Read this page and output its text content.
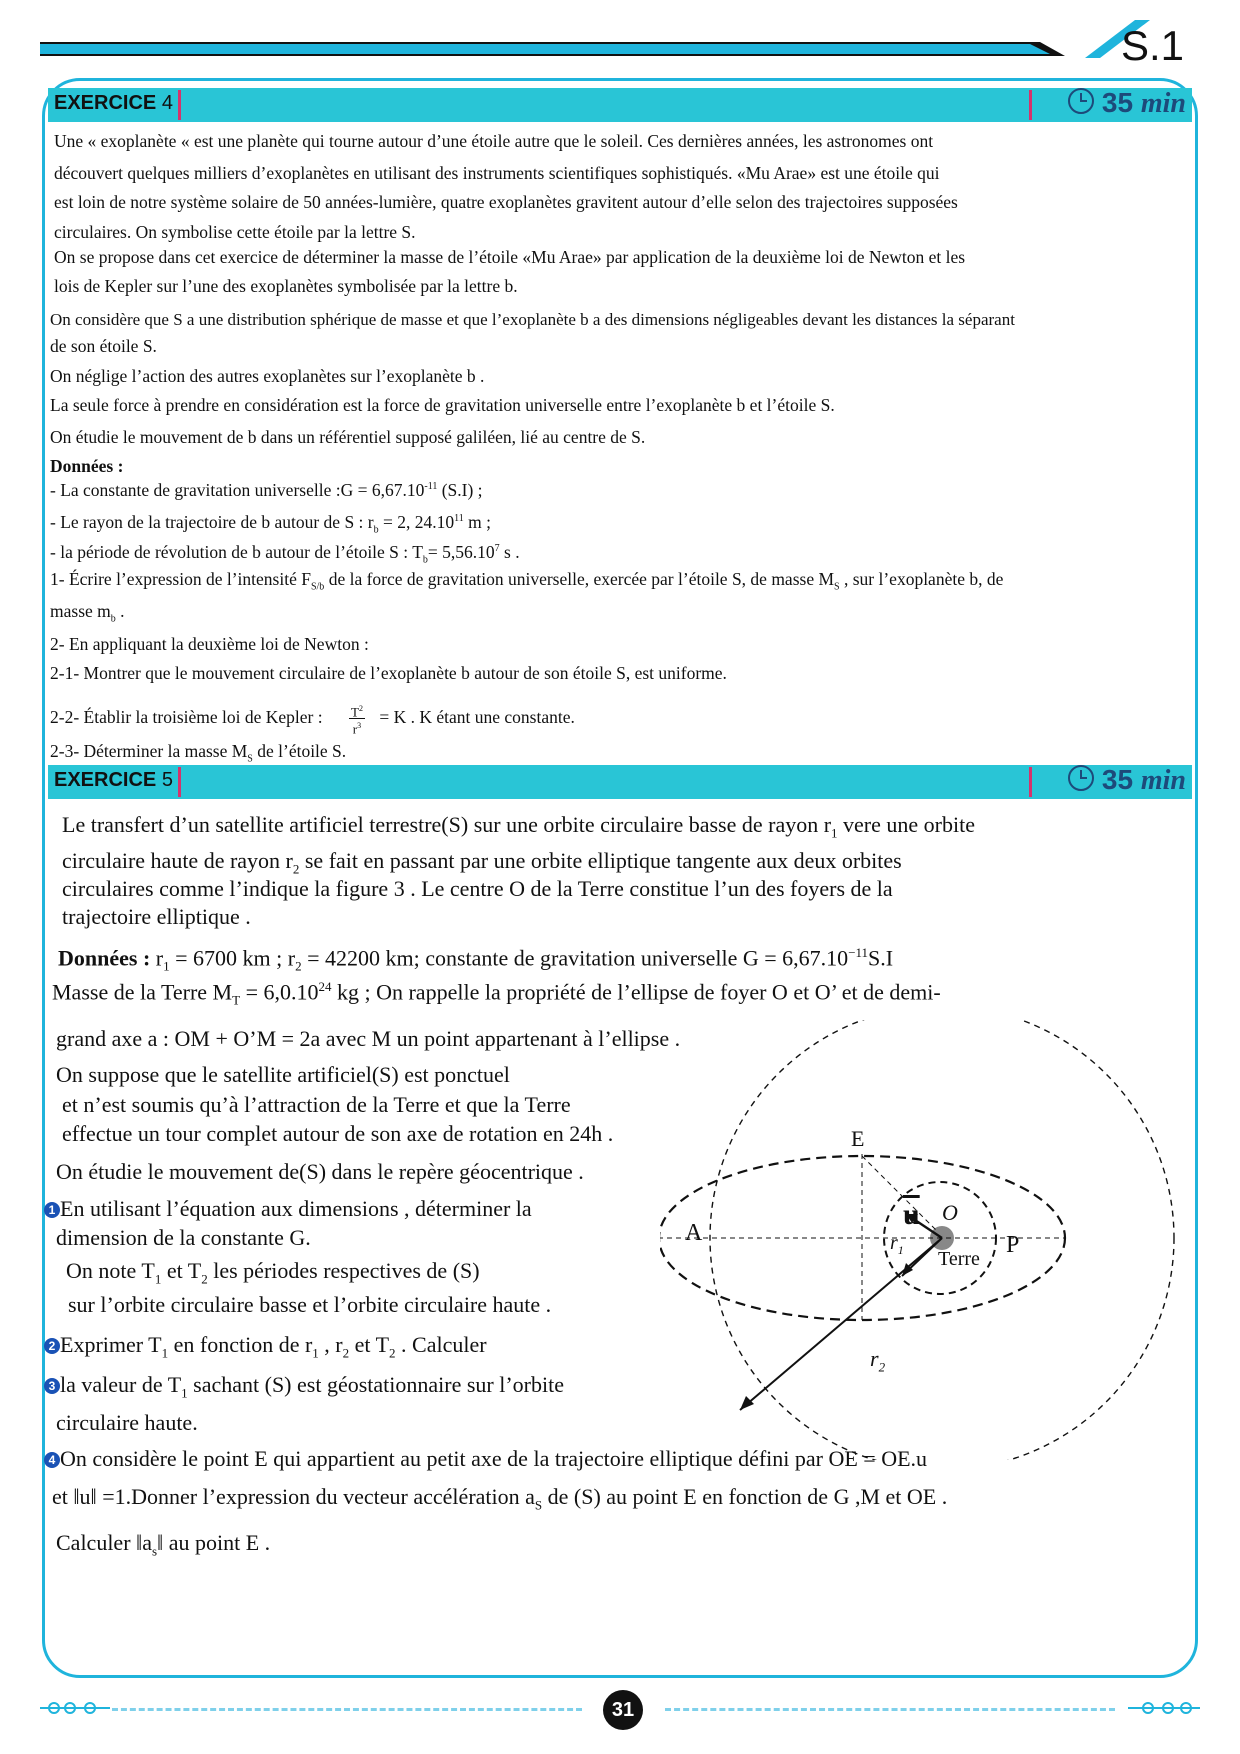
S.1
EXERCICE 4	35 min
Une « exoplanète « est une planète qui tourne autour d’une étoile autre que le soleil. Ces dernières années, les astronomes ont
découvert quelques milliers d’exoplanètes en utilisant des instruments scientifiques sophistiqués. «Mu Arae» est une étoile qui
est loin de notre système solaire de 50 années-lumière, quatre exoplanètes gravitent autour d’elle selon des trajectoires supposées
circulaires. On symbolise cette étoile par la lettre S.
On se propose dans cet exercice de déterminer la masse de l’étoile «Mu Arae» par application de la deuxième loi de Newton et les
lois de Kepler sur l’une des exoplanètes symbolisée par la lettre b.
On considère que S a une distribution sphérique de masse et que l’exoplanète b a des dimensions négligeables devant les distances la séparant
de son étoile S.
On néglige l’action des autres exoplanètes sur l’exoplanète b .
La seule force à prendre en considération est la force de gravitation universelle entre l’exoplanète b et l’étoile S.
On étudie le mouvement de b dans un référentiel supposé galiléen, lié au centre de S.
Données :
- La constante de gravitation universelle :G = $6,67.10^{-11}$ (S.I) ;
- Le rayon de la trajectoire de b autour de S : $r_b = 2$, 24.10$^{11}$ m ;
- la période de révolution de b autour de l’étoile S : $T_b= 5,56.10^7$ s .
1- Écrire l’expression de l’intensité $F_{S/b}$ de la force de gravitation universelle, exercée par l’étoile S, de masse $M_S$ , sur l’exoplanète b, de
masse $m_b$ .
2- En appliquant la deuxième loi de Newton :
2-1- Montrer que le mouvement circulaire de l’exoplanète b autour de son étoile S, est uniforme.
2-2- Établir la troisième loi de Kepler : $\frac{T^2}{r^3} = K$ . K étant une constante.
2-3- Déterminer la masse $M_S$ de l’étoile S.
EXERCICE 5	35 min
Le transfert d’un satellite artificiel terrestre(S) sur une orbite circulaire basse de rayon $r_1$ vere une orbite
circulaire haute de rayon $r_2$ se fait en passant par une orbite elliptique tangente aux deux orbites
circulaires comme l’indique la figure 3 . Le centre O de la Terre constitue l’un des foyers de la
trajectoire elliptique .
Données : $r_1 = 6700$ km ; $r_2 = 42200$ km; constante de gravitation universelle $G = 6,67.10^{-11}S.I$
Masse de la Terre $M_T = 6,0.10^{24}$ kg ; On rappelle la propriété de l’ellipse de foyer O et O’ et de demi-
grand axe a : OM + O’M = 2a avec M un point appartenant à l’ellipse .
On suppose que le satellite artificiel(S) est ponctuel
et n’est soumis qu’à l’attraction de la Terre et que la Terre
effectue un tour complet autour de son axe de rotation en 24h .
On étudie le mouvement de(S) dans le repère géocentrique .
1 En utilisant l’équation aux dimensions , déterminer la
dimension de la constante G.
On note $T_1$ et $T_2$ les périodes respectives de (S)
sur l’orbite circulaire basse et l’orbite circulaire haute .
2 Exprimer $T_1$ en fonction de $r_1$ , $r_2$ et $T_2$ . Calculer
3 la valeur de $T_1$ sachant (S) est géostationnaire sur l’orbite
circulaire haute.
4 On considère le point E qui appartient au petit axe de la trajectoire elliptique défini par OE = OE.u
et ‖u‖ =1.Donner l’expression du vecteur accélération $a_S$ de (S) au point E en fonction de G ,M et OE .
Calculer $‖a_s‖$ au point E .
A	P
E
O
$\overline{u}$
$r_1$
$r_2$
Terre
31
